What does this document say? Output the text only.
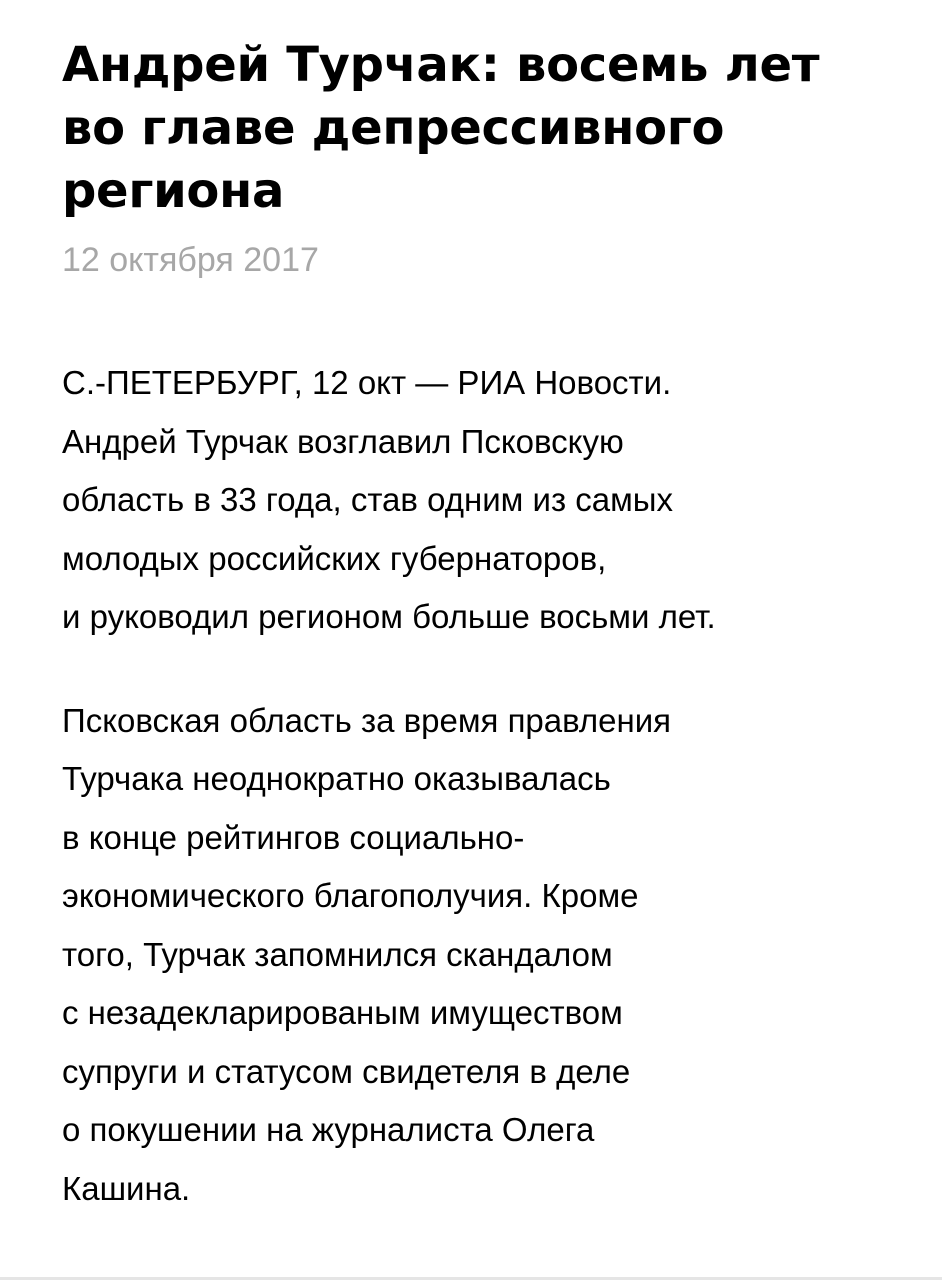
Андрей Турчак: восемь лет
во главе депрессивного
региона
12 октября 2017

С.-ПЕТЕРБУРГ, 12 окт — РИА Новости.
Андрей Турчак возглавил Псковскую
область в 33 года, став одним из самых
молодых российских губернаторов,
и руководил регионом больше восьми лет.

Псковская область за время правления
Турчака неоднократно оказывалась
в конце рейтингов социально-
экономического благополучия. Кроме
того, Турчак запомнился скандалом
с незадекларированым имуществом
супруги и статусом свидетеля в деле
о покушении на журналиста Олега
Кашина.
